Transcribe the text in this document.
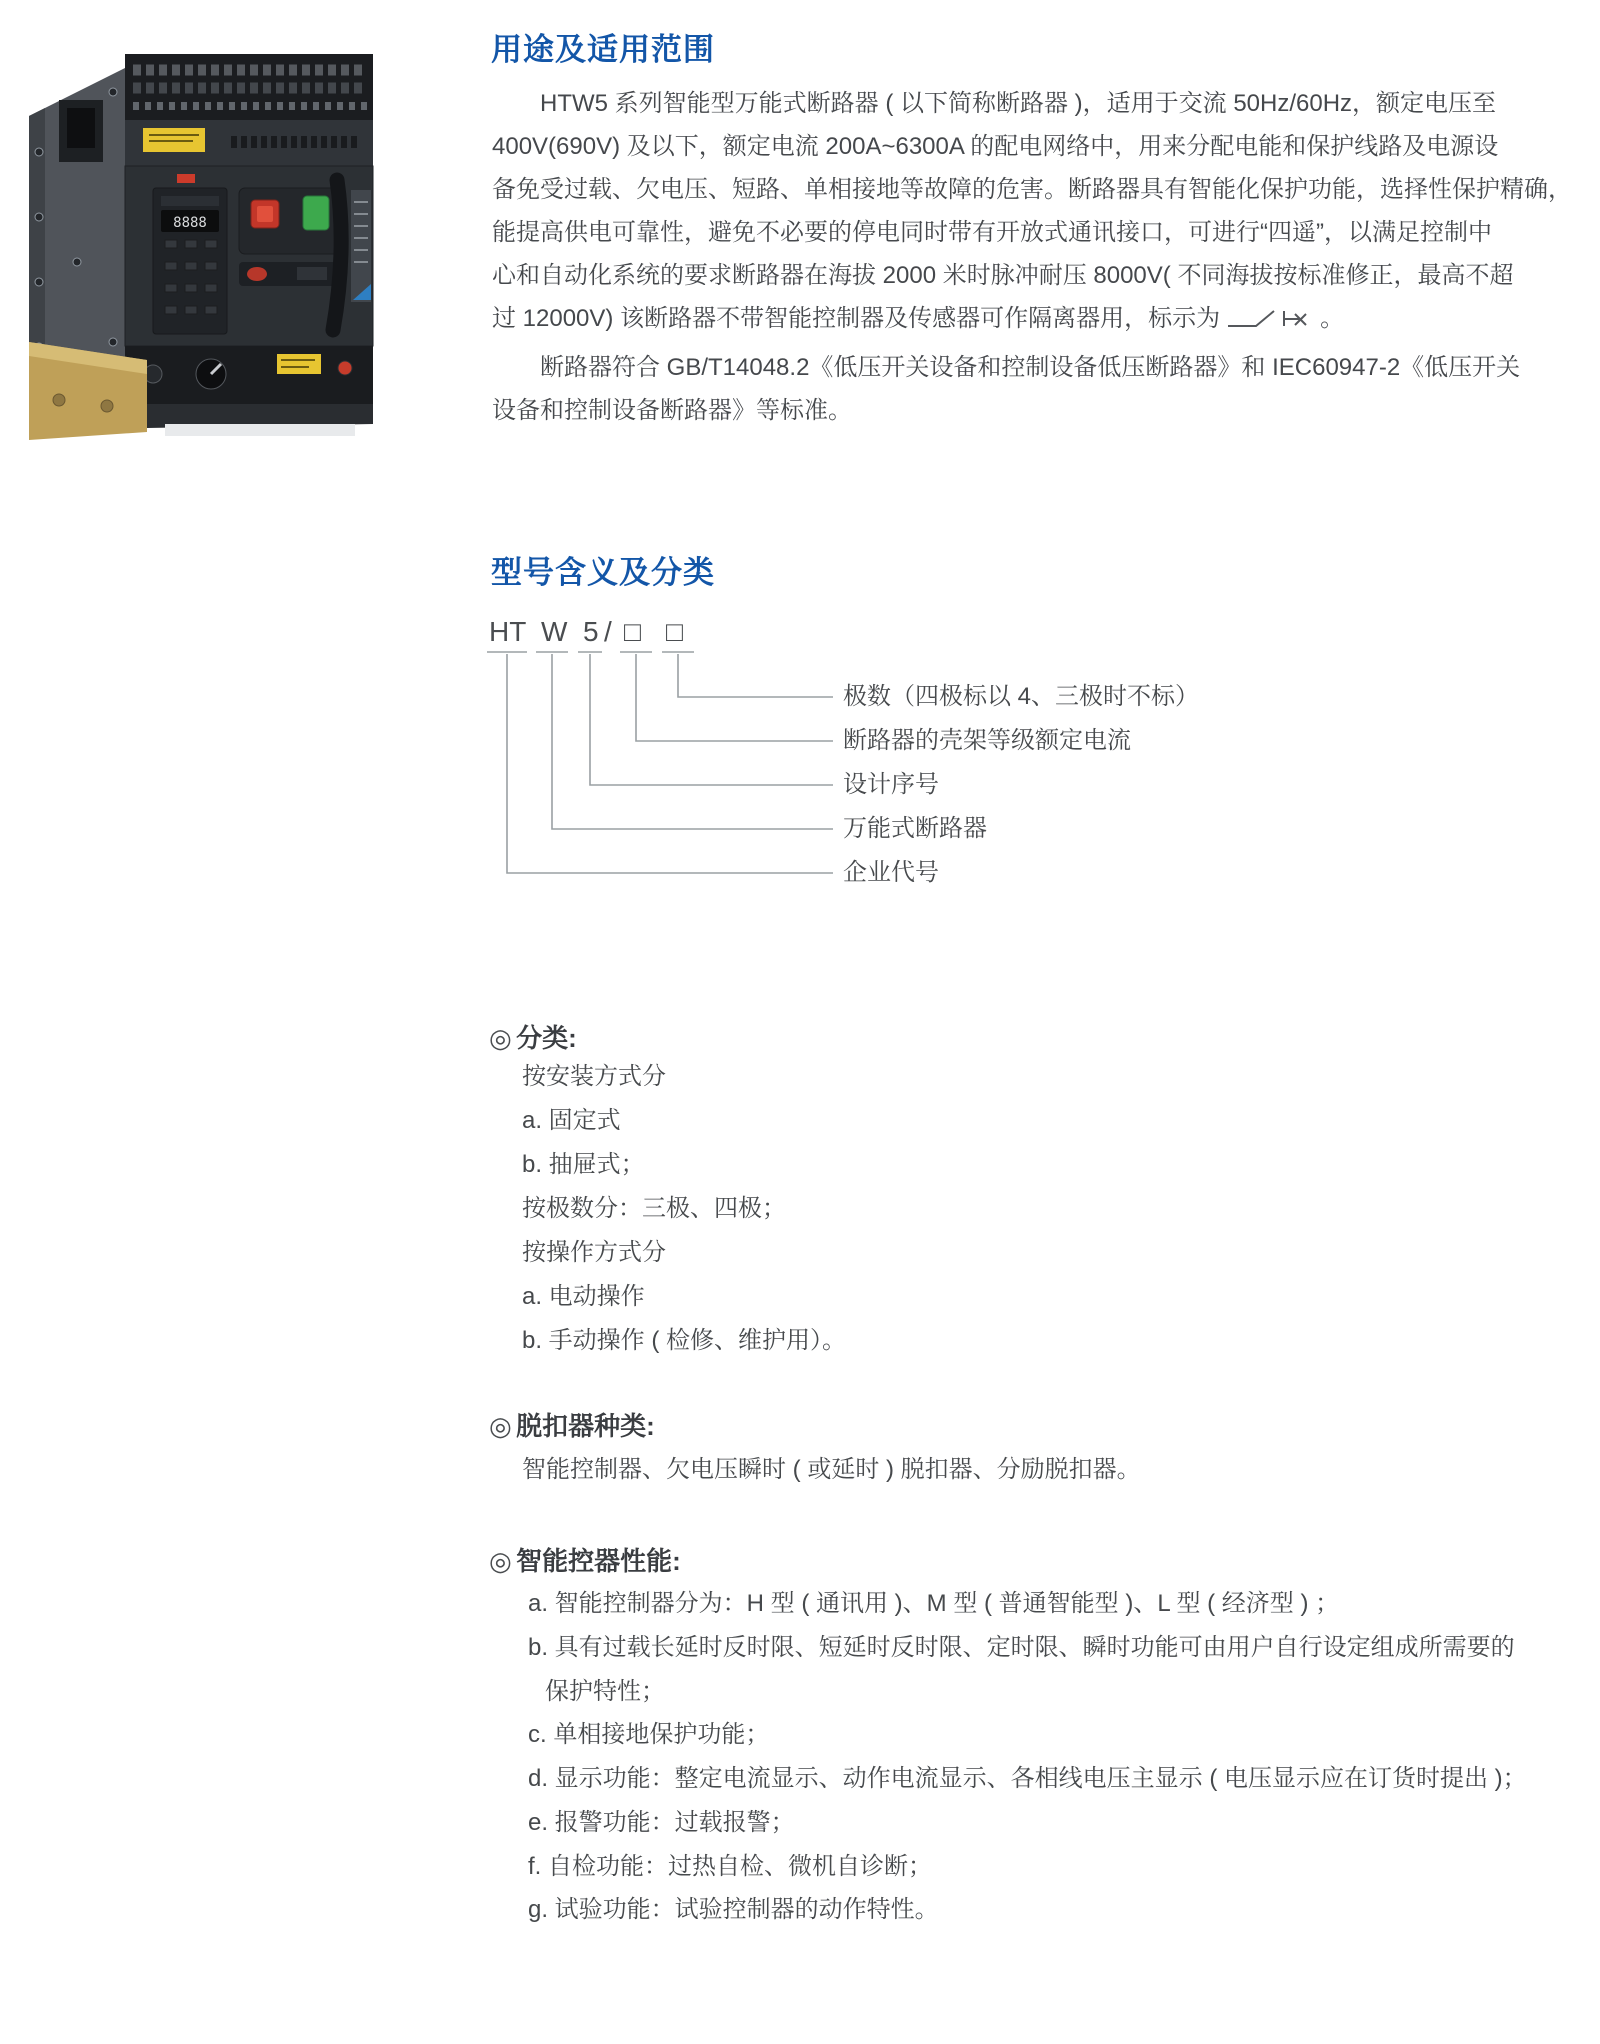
8888
用途及适用范围
HTW5 系列智能型万能式断路器 ( 以下简称断路器 )，适用于交流 50Hz/60Hz，额定电压至
400V(690V) 及以下，额定电流 200A~6300A 的配电网络中，用来分配电能和保护线路及电源设
备免受过载、欠电压、短路、单相接地等故障的危害。断路器具有智能化保护功能，选择性保护精确，
能提高供电可靠性，避免不必要的停电同时带有开放式通讯接口，可进行“四遥”，以满足控制中
心和自动化系统的要求断路器在海拔 2000 米时脉冲耐压 8000V( 不同海拔按标准修正，最高不超
过 12000V) 该断路器不带智能控制器及传感器可作隔离器用，标示为	。
断路器符合 GB/T14048.2《低压开关设备和控制设备低压断路器》和 IEC60947-2《低压开关
设备和控制设备断路器》等标准。
型号含义及分类
HT W 5 / □ □
极数（四极标以 4、三极时不标）
断路器的壳架等级额定电流
设计序号
万能式断路器
企业代号
◎ 分类:
按安装方式分
a. 固定式
b. 抽屉式；
按极数分：三极、四极；
按操作方式分
a. 电动操作
b. 手动操作 ( 检修、维护用）。
◎ 脱扣器种类:
智能控制器、欠电压瞬时 ( 或延时 ) 脱扣器、分励脱扣器。
◎ 智能控器性能:
a. 智能控制器分为：H 型 ( 通讯用 )、M 型 ( 普通智能型 )、L 型 ( 经济型 ) ；
b. 具有过载长延时反时限、短延时反时限、定时限、瞬时功能可由用户自行设定组成所需要的
保护特性；
c. 单相接地保护功能；
d. 显示功能：整定电流显示、动作电流显示、各相线电压主显示 ( 电压显示应在订货时提出 )；
e. 报警功能：过载报警；
f. 自检功能：过热自检、微机自诊断；
g. 试验功能：试验控制器的动作特性。
